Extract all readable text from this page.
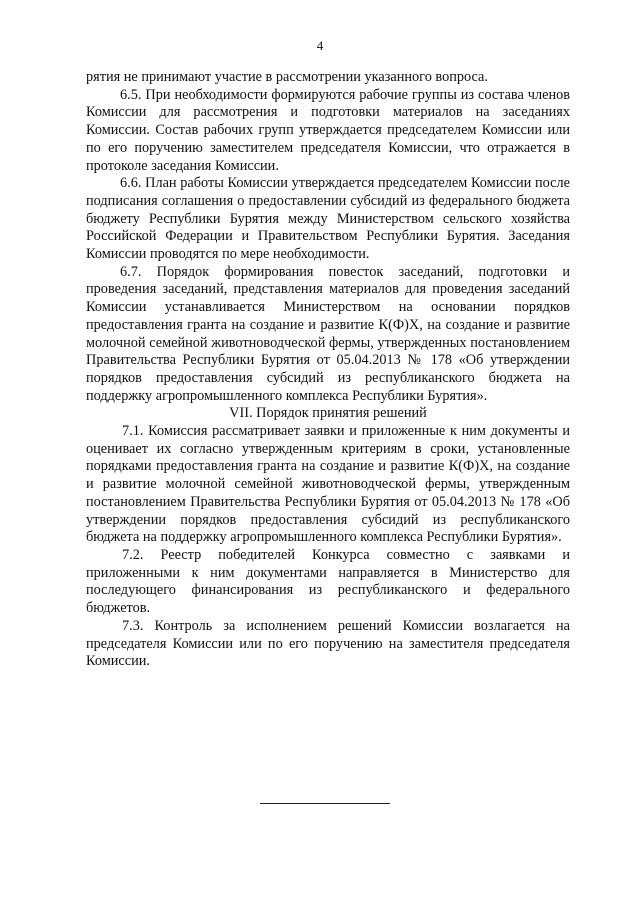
4

рятия не принимают участие в рассмотрении указанного вопроса.

6.5. При необходимости формируются рабочие группы из состава членов Комиссии для рассмотрения и подготовки материалов на заседаниях Комиссии. Состав рабочих групп утверждается председателем Комиссии или по его поручению заместителем председателя Комиссии, что отражается в протоколе заседания Комиссии.

6.6. План работы Комиссии утверждается председателем Комиссии после подписания соглашения о предоставлении субсидий из федерального бюджета бюджету Республики Бурятия между Министерством сельского хозяйства Российской Федерации и Правительством Республики Бурятия. Заседания Комиссии проводятся по мере необходимости.

6.7. Порядок формирования повесток заседаний, подготовки и проведения заседаний, представления материалов для проведения заседаний Комиссии устанавливается Министерством на основании порядков предоставления гранта на создание и развитие К(Ф)Х, на создание и развитие молочной семейной животноводческой фермы, утвержденных постановлением Правительства Республики Бурятия от 05.04.2013 № 178 «Об утверждении порядков предоставления субсидий из республиканского бюджета на поддержку агропромышленного комплекса Республики Бурятия».

VII. Порядок принятия решений

7.1. Комиссия рассматривает заявки и приложенные к ним документы и оценивает их согласно утвержденным критериям в сроки, установленные порядками предоставления гранта на создание и развитие К(Ф)Х, на создание и развитие молочной семейной животноводческой фермы, утвержденным постановлением Правительства Республики Бурятия от 05.04.2013 № 178 «Об утверждении порядков предоставления субсидий из республиканского бюджета на поддержку агропромышленного комплекса Республики Бурятия».

7.2. Реестр победителей Конкурса совместно с заявками и приложенными к ним документами направляется в Министерство для последующего финансирования из республиканского и федерального бюджетов.

7.3. Контроль за исполнением решений Комиссии возлагается на председателя Комиссии или по его поручению на заместителя председателя Комиссии.
